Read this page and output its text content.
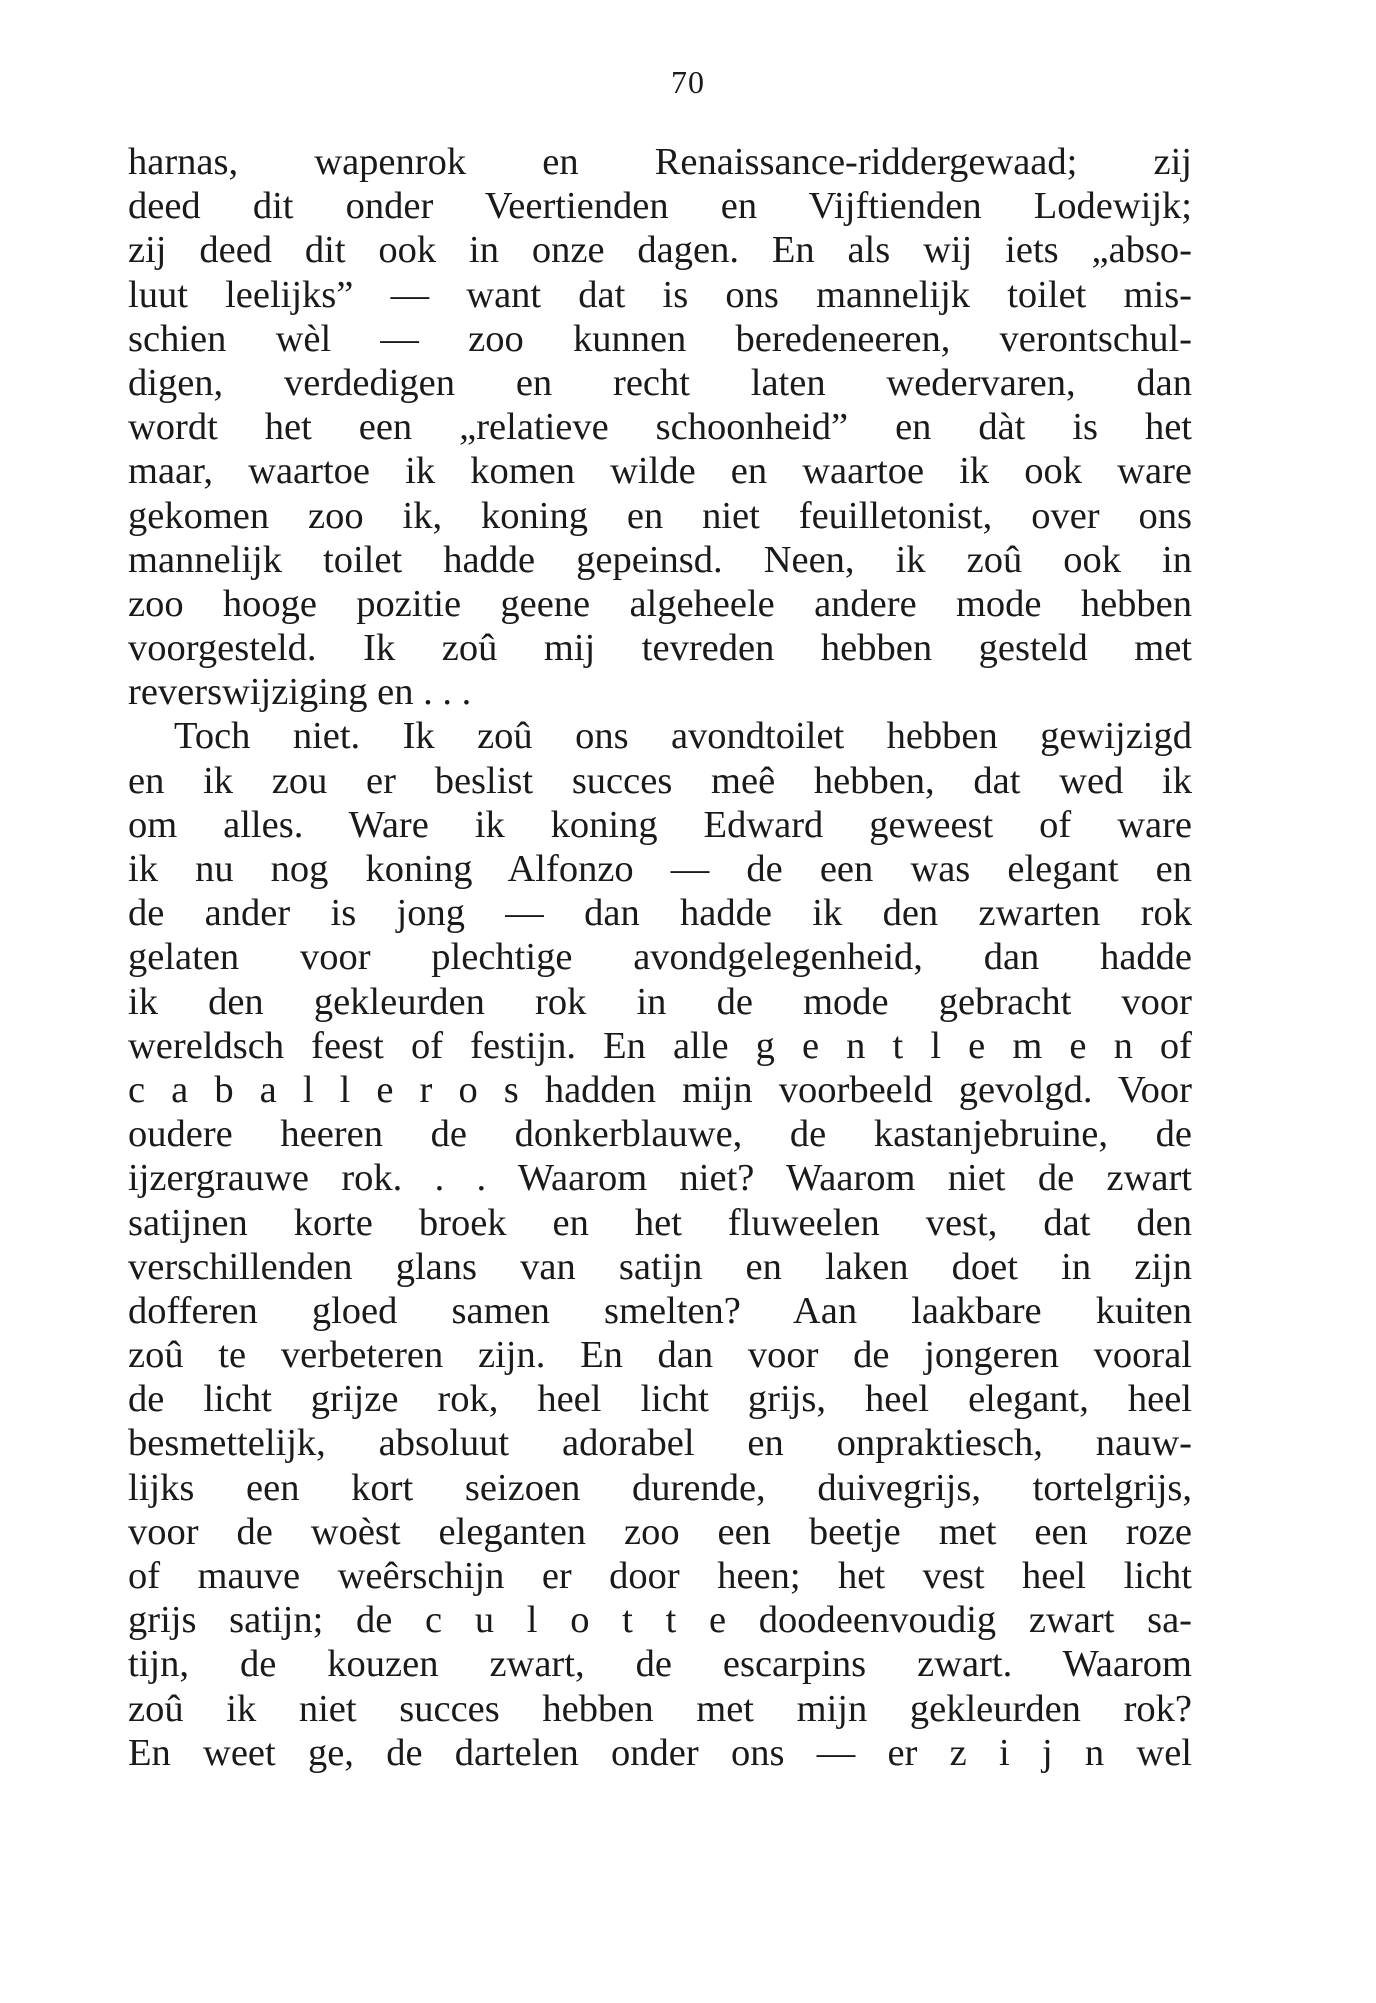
70
harnas, wapenrok en Renaissance-riddergewaad; zij
deed dit onder Veertienden en Vijftienden Lodewijk;
zij deed dit ook in onze dagen. En als wij iets „abso-
luut leelijks” — want dat is ons mannelijk toilet mis-
schien wèl — zoo kunnen beredeneeren, verontschul-
digen, verdedigen en recht laten wedervaren, dan
wordt het een „relatieve schoonheid” en dàt is het
maar, waartoe ik komen wilde en waartoe ik ook ware
gekomen zoo ik, koning en niet feuilletonist, over ons
mannelijk toilet hadde gepeinsd. Neen, ik zoû ook in
zoo hooge pozitie geene algeheele andere mode hebben
voorgesteld. Ik zoû mij tevreden hebben gesteld met
reverswijziging en . . .
Toch niet. Ik zoû ons avondtoilet hebben gewijzigd
en ik zou er beslist succes meê hebben, dat wed ik
om alles. Ware ik koning Edward geweest of ware
ik nu nog koning Alfonzo — de een was elegant en
de ander is jong — dan hadde ik den zwarten rok
gelaten voor plechtige avondgelegenheid, dan hadde
ik den gekleurden rok in de mode gebracht voor
wereldsch feest of festijn. En alle g e n t l e m e n of
c a b a l l e r o s hadden mijn voorbeeld gevolgd. Voor
oudere heeren de donkerblauwe, de kastanjebruine, de
ijzergrauwe rok. . . Waarom niet? Waarom niet de zwart
satijnen korte broek en het fluweelen vest, dat den
verschillenden glans van satijn en laken doet in zijn
dofferen gloed samen smelten? Aan laakbare kuiten
zoû te verbeteren zijn. En dan voor de jongeren vooral
de licht grijze rok, heel licht grijs, heel elegant, heel
besmettelijk, absoluut adorabel en onpraktiesch, nauw-
lijks een kort seizoen durende, duivegrijs, tortelgrijs,
voor de woèst eleganten zoo een beetje met een roze
of mauve weêrschijn er door heen; het vest heel licht
grijs satijn; de c u l o t t e doodeenvoudig zwart sa-
tijn, de kouzen zwart, de escarpins zwart. Waarom
zoû ik niet succes hebben met mijn gekleurden rok?
En weet ge, de dartelen onder ons — er z i j n wel
